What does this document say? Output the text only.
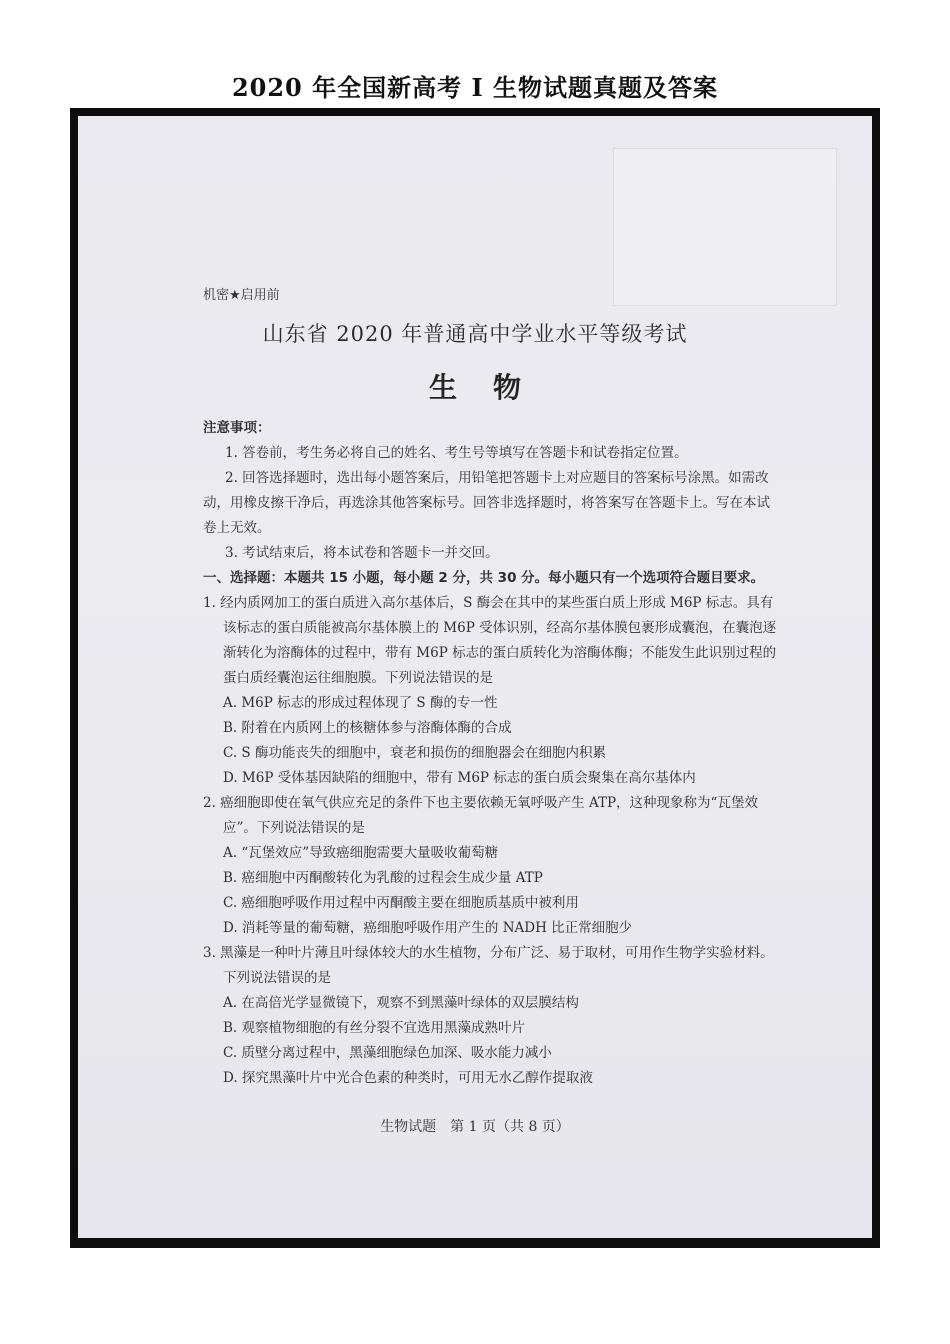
2020 年全国新高考 I 生物试题真题及答案
机密★启用前
山东省 2020 年普通高中学业水平等级考试
生物
注意事项：
1. 答卷前，考生务必将自己的姓名、考生号等填写在答题卡和试卷指定位置。
2. 回答选择题时，选出每小题答案后，用铅笔把答题卡上对应题目的答案标号涂黑。如需改动，用橡皮擦干净后，再选涂其他答案标号。回答非选择题时，将答案写在答题卡上。写在本试卷上无效。
3. 考试结束后，将本试卷和答题卡一并交回。
一、选择题：本题共 15 小题，每小题 2 分，共 30 分。每小题只有一个选项符合题目要求。
1. 经内质网加工的蛋白质进入高尔基体后，S 酶会在其中的某些蛋白质上形成 M6P 标志。具有该标志的蛋白质能被高尔基体膜上的 M6P 受体识别，经高尔基体膜包裹形成囊泡，在囊泡逐渐转化为溶酶体的过程中，带有 M6P 标志的蛋白质转化为溶酶体酶；不能发生此识别过程的蛋白质经囊泡运往细胞膜。下列说法错误的是
A. M6P 标志的形成过程体现了 S 酶的专一性
B. 附着在内质网上的核糖体参与溶酶体酶的合成
C. S 酶功能丧失的细胞中，衰老和损伤的细胞器会在细胞内积累
D. M6P 受体基因缺陷的细胞中，带有 M6P 标志的蛋白质会聚集在高尔基体内
2. 癌细胞即使在氧气供应充足的条件下也主要依赖无氧呼吸产生 ATP，这种现象称为“瓦堡效应”。下列说法错误的是
A. “瓦堡效应”导致癌细胞需要大量吸收葡萄糖
B. 癌细胞中丙酮酸转化为乳酸的过程会生成少量 ATP
C. 癌细胞呼吸作用过程中丙酮酸主要在细胞质基质中被利用
D. 消耗等量的葡萄糖，癌细胞呼吸作用产生的 NADH 比正常细胞少
3. 黑藻是一种叶片薄且叶绿体较大的水生植物，分布广泛、易于取材，可用作生物学实验材料。下列说法错误的是
A. 在高倍光学显微镜下，观察不到黑藻叶绿体的双层膜结构
B. 观察植物细胞的有丝分裂不宜选用黑藻成熟叶片
C. 质壁分离过程中，黑藻细胞绿色加深、吸水能力减小
D. 探究黑藻叶片中光合色素的种类时，可用无水乙醇作提取液
生物试题　第 1 页（共 8 页）
